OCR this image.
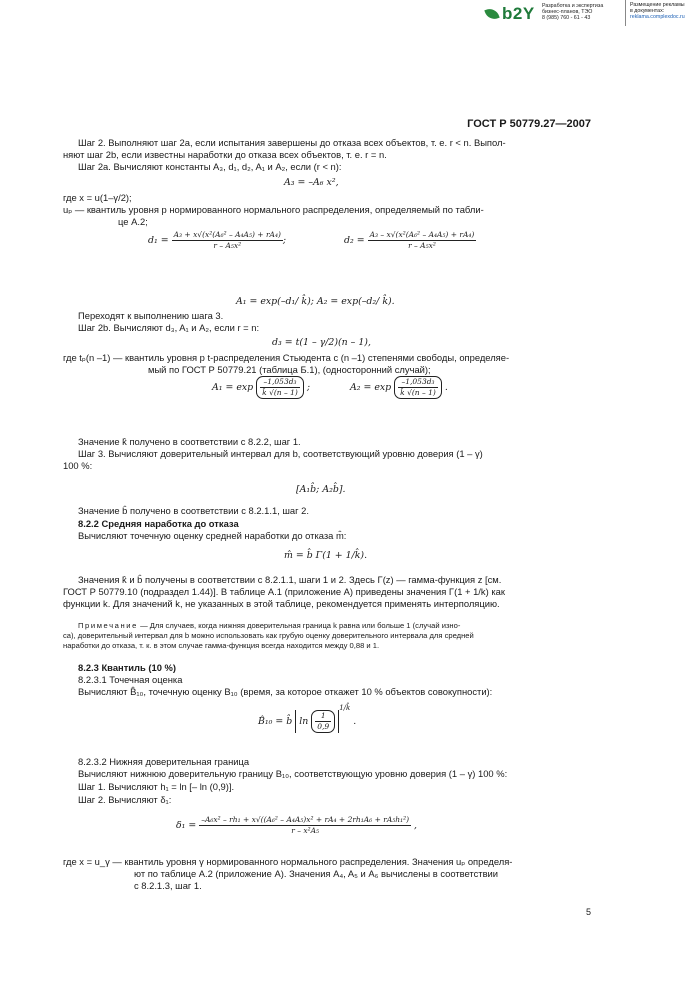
b2Y Разработка и экспертиза
бизнес-планов, ТЭО
8 (985) 760 - 61 - 43
Размещение рекламы
в документах:
reklama.complexdoc.ru
ГОСТ Р 50779.27—2007
Шаг 2. Выполняют шаг 2a, если испытания завершены до отказа всех объектов, т. е. r < n. Выпол-
няют шаг 2b, если известны наработки до отказа всех объектов, т. е. r = n.
Шаг 2a. Вычисляют константы A₃, d₁, d₂, A₁ и A₂, если (r < n):
A₃ = –A₆ x²,
где x = u(1–γ/2);
uₚ — квантиль уровня p нормированного нормального распределения, определяемый по табли-
це А.2;
$d_1 = \frac{\text{A₃ + x√(x²(A₆² – A₄A₅) + rA₄)}}{\text{r – A₅x²}}$ ;	$d_2 = \frac{\text{A₃ – x√(x²(A₆² – A₄A₅) + rA₄)}}{\text{r – A₅x²}}$
A₁ = exp(–d₁/ k̂); A₂ = exp(–d₂/ k̂).
Переходят к выполнению шага 3.
Шаг 2b. Вычисляют d₃, A₁ и A₂, если r = n:
d₃ = t(1 – γ/2)(n – 1),
где tₚ(n –1) — квантиль уровня p t-распределения Стьюдента с (n –1) степенями свободы, определяе-
мый по ГОСТ Р 50779.21 (таблица Б.1), (односторонний случай);
$A_1 = \exp \frac{\text{–1,053d₃}}{k̂ √(n - 1)}$ ;	$A_2 = \exp \frac{\text{–1,053d₃}}{k̂ √(n - 1)}$ .
Значение k̂ получено в соответствии с 8.2.2, шаг 1.
Шаг 3. Вычисляют доверительный интервал для b, соответствующий уровню доверия (1 – γ)
100 %:
[A₁b̂; A₂b̂].
Значение b̂ получено в соответствии с 8.2.1.1, шаг 2.
8.2.2 Средняя наработка до отказа
Вычисляют точечную оценку средней наработки до отказа m̂:
m̂ = b̂ Γ(1 + 1/k̂).
Значения k̂ и b̂ получены в соответствии с 8.2.1.1, шаги 1 и 2. Здесь Γ(z) — гамма-функция z [см.
ГОСТ Р 50779.10 (подраздел 1.44)]. В таблице А.1 (приложение А) приведены значения Γ(1 + 1/k) как
функции k. Для значений k, не указанных в этой таблице, рекомендуется применять интерполяцию.
Примечание — Для случаев, когда нижняя доверительная граница k равна или больше 1 (случай изно-
са), доверительный интервал для b можно использовать как грубую оценку доверительного интервала для средней
наработки до отказа, т. к. в этом случае гамма-функция всегда находится между 0,88 и 1.
8.2.3 Квантиль (10 %)
8.2.3.1 Точечная оценка
Вычисляют B̂₁₀, точечную оценку B₁₀ (время, за которое откажет 10 % объектов совокупности):
B̂₁₀ = b̂ $\ln \frac{1}{0,9}$
$^{1/k̂}$ .
8.2.3.2 Нижняя доверительная граница
Вычисляют нижнюю доверительную границу B₁₀, соответствующую уровню доверия (1 – γ) 100 %:
Шаг 1. Вычисляют h₁ = ln [– ln (0,9)].
Шаг 2. Вычисляют δ₁:
$\delta_1 = \frac{\text{–A₆x² – rh₁ + x√((A₆² – A₄A₅)x² + rA₄ + 2rh₁A₆ + rA₅h₁²)}}{\text{r – x²A₅}}$ ,
где x = u_γ — квантиль уровня γ нормированного нормального распределения. Значения uₚ определя-
ют по таблице А.2 (приложение А). Значения A₄, A₅ и A₆ вычислены в соответствии
с 8.2.1.3, шаг 1.
5
